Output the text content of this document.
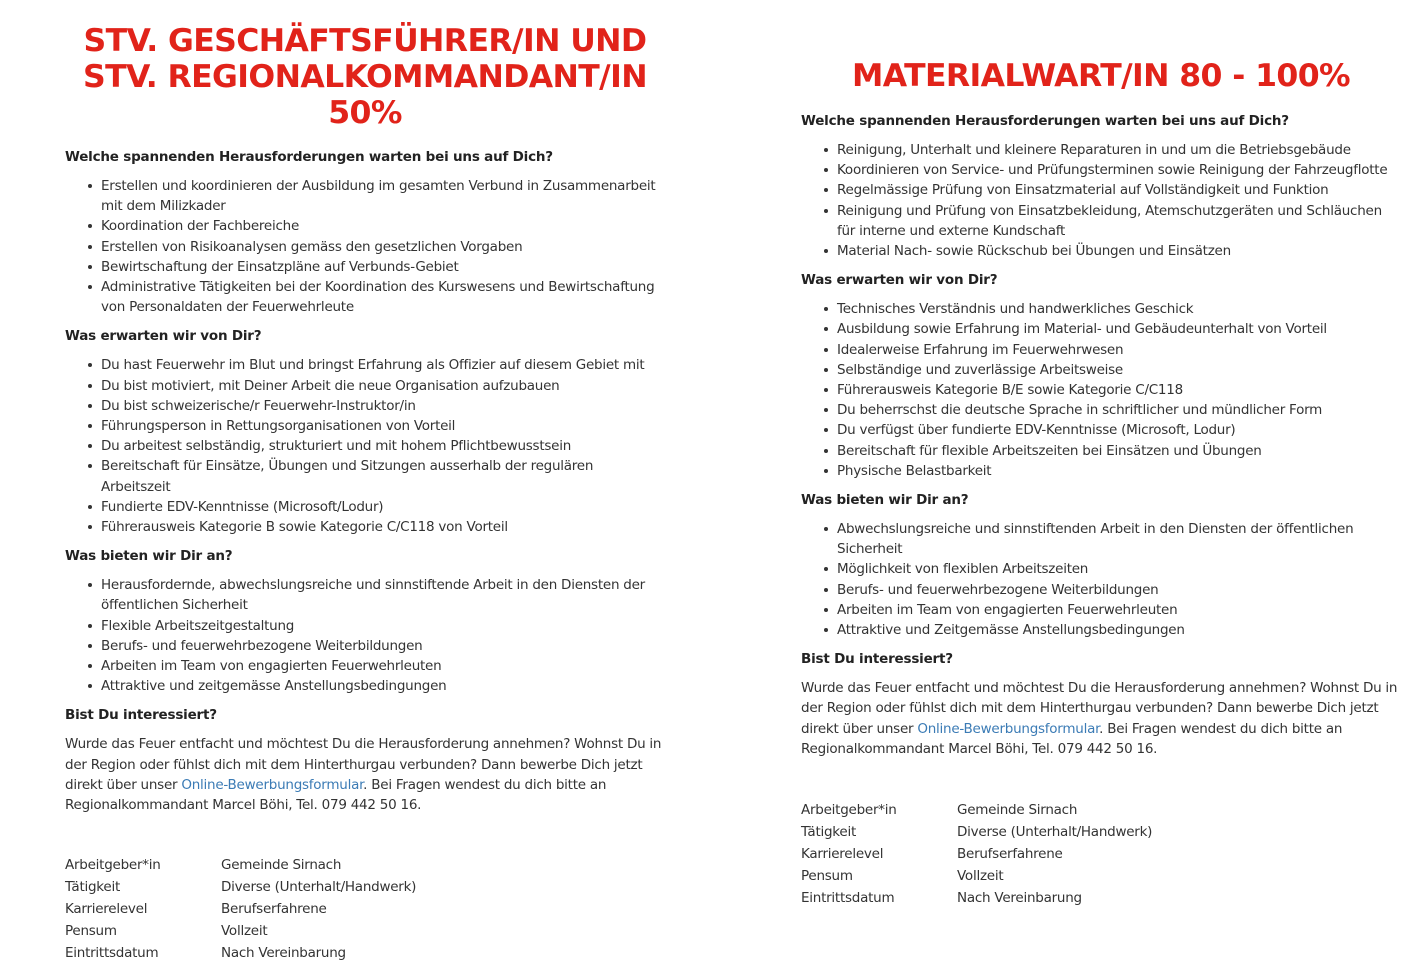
STV. GESCHÄFTSFÜHRER/IN UND STV. REGIONALKOMMANDANT/IN 50%
Welche spannenden Herausforderungen warten bei uns auf Dich?
Erstellen und koordinieren der Ausbildung im gesamten Verbund in Zusammenarbeit mit dem Milizkader
Koordination der Fachbereiche
Erstellen von Risikoanalysen gemäss den gesetzlichen Vorgaben
Bewirtschaftung der Einsatzpläne auf Verbunds-Gebiet
Administrative Tätigkeiten bei der Koordination des Kurswesens und Bewirtschaftung von Personaldaten der Feuerwehrleute
Was erwarten wir von Dir?
Du hast Feuerwehr im Blut und bringst Erfahrung als Offizier auf diesem Gebiet mit
Du bist motiviert, mit Deiner Arbeit die neue Organisation aufzubauen
Du bist schweizerische/r Feuerwehr-Instruktor/in
Führungsperson in Rettungsorganisationen von Vorteil
Du arbeitest selbständig, strukturiert und mit hohem Pflichtbewusstsein
Bereitschaft für Einsätze, Übungen und Sitzungen ausserhalb der regulären Arbeitszeit
Fundierte EDV-Kenntnisse (Microsoft/Lodur)
Führerausweis Kategorie B sowie Kategorie C/C118 von Vorteil
Was bieten wir Dir an?
Herausfordernde, abwechslungsreiche und sinnstiftende Arbeit in den Diensten der öffentlichen Sicherheit
Flexible Arbeitszeitgestaltung
Berufs- und feuerwehrbezogene Weiterbildungen
Arbeiten im Team von engagierten Feuerwehrleuten
Attraktive und zeitgemässe Anstellungsbedingungen
Bist Du interessiert?

Wurde das Feuer entfacht und möchtest Du die Herausforderung annehmen? Wohnst Du in der Region oder fühlst dich mit dem Hinterthurgau verbunden? Dann bewerbe Dich jetzt direkt über unser Online-Bewerbungsformular. Bei Fragen wendest du dich bitte an Regionalkommandant Marcel Böhi, Tel. 079 442 50 16.

Arbeitgeber*in	Gemeinde Sirnach
Tätigkeit	Diverse (Unterhalt/Handwerk)
Karrierelevel	Berufserfahrene
Pensum	Vollzeit
Eintrittsdatum	Nach Vereinbarung
MATERIALWART/IN 80 - 100%
Welche spannenden Herausforderungen warten bei uns auf Dich?
Reinigung, Unterhalt und kleinere Reparaturen in und um die Betriebsgebäude
Koordinieren von Service- und Prüfungsterminen sowie Reinigung der Fahrzeugflotte
Regelmässige Prüfung von Einsatzmaterial auf Vollständigkeit und Funktion
Reinigung und Prüfung von Einsatzbekleidung, Atemschutzgeräten und Schläuchen für interne und externe Kundschaft
Material Nach- sowie Rückschub bei Übungen und Einsätzen
Was erwarten wir von Dir?
Technisches Verständnis und handwerkliches Geschick
Ausbildung sowie Erfahrung im Material- und Gebäudeunterhalt von Vorteil
Idealerweise Erfahrung im Feuerwehrwesen
Selbständige und zuverlässige Arbeitsweise
Führerausweis Kategorie B/E sowie Kategorie C/C118
Du beherrschst die deutsche Sprache in schriftlicher und mündlicher Form
Du verfügst über fundierte EDV-Kenntnisse (Microsoft, Lodur)
Bereitschaft für flexible Arbeitszeiten bei Einsätzen und Übungen
Physische Belastbarkeit
Was bieten wir Dir an?
Abwechslungsreiche und sinnstiftenden Arbeit in den Diensten der öffentlichen Sicherheit
Möglichkeit von flexiblen Arbeitszeiten
Berufs- und feuerwehrbezogene Weiterbildungen
Arbeiten im Team von engagierten Feuerwehrleuten
Attraktive und Zeitgemässe Anstellungsbedingungen
Bist Du interessiert?

Wurde das Feuer entfacht und möchtest Du die Herausforderung annehmen? Wohnst Du in der Region oder fühlst dich mit dem Hinterthurgau verbunden? Dann bewerbe Dich jetzt direkt über unser Online-Bewerbungsformular. Bei Fragen wendest du dich bitte an Regionalkommandant Marcel Böhi, Tel. 079 442 50 16.

Arbeitgeber*in	Gemeinde Sirnach
Tätigkeit	Diverse (Unterhalt/Handwerk)
Karrierelevel	Berufserfahrene
Pensum	Vollzeit
Eintrittsdatum	Nach Vereinbarung
